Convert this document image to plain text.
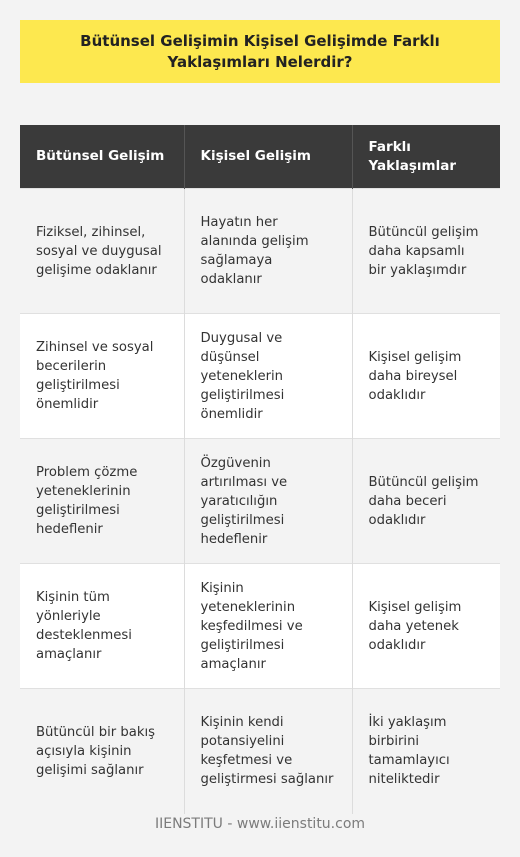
Bütünsel Gelişimin Kişisel Gelişimde Farklı Yaklaşımları Nelerdir?
Bütünsel Gelişim	Kişisel Gelişim	Farklı Yaklaşımlar
Fiziksel, zihinsel, sosyal ve duygusal gelişime odaklanır	Hayatın her alanında gelişim sağlamaya odaklanır	Bütüncül gelişim daha kapsamlı bir yaklaşımdır
Zihinsel ve sosyal becerilerin geliştirilmesi önemlidir	Duygusal ve düşünsel yeteneklerin geliştirilmesi önemlidir	Kişisel gelişim daha bireysel odaklıdır
Problem çözme yeteneklerinin geliştirilmesi hedeflenir	Özgüvenin artırılması ve yaratıcılığın geliştirilmesi hedeflenir	Bütüncül gelişim daha beceri odaklıdır
Kişinin tüm yönleriyle desteklenmesi amaçlanır	Kişinin yeteneklerinin keşfedilmesi ve geliştirilmesi amaçlanır	Kişisel gelişim daha yetenek odaklıdır
Bütüncül bir bakış açısıyla kişinin gelişimi sağlanır	Kişinin kendi potansiyelini keşfetmesi ve geliştirmesi sağlanır	İki yaklaşım birbirini tamamlayıcı niteliktedir
IIENSTITU - www.iienstitu.com
